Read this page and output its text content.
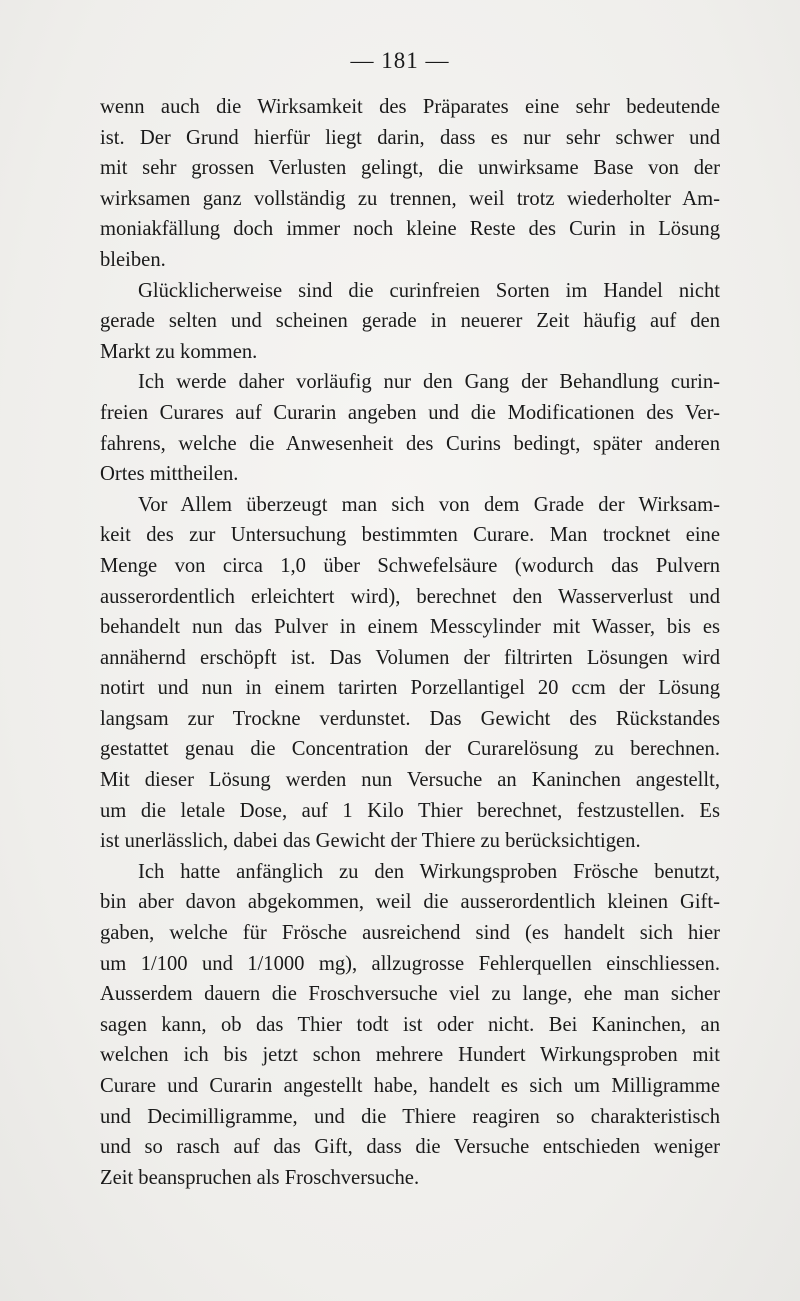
— 181 —
wenn auch die Wirksamkeit des Präparates eine sehr bedeutende
ist. Der Grund hierfür liegt darin, dass es nur sehr schwer und
mit sehr grossen Verlusten gelingt, die unwirksame Base von der
wirksamen ganz vollständig zu trennen, weil trotz wiederholter Am-
moniakfällung doch immer noch kleine Reste des Curin in Lösung
bleiben.
Glücklicherweise sind die curinfreien Sorten im Handel nicht
gerade selten und scheinen gerade in neuerer Zeit häufig auf den
Markt zu kommen.
Ich werde daher vorläufig nur den Gang der Behandlung curin-
freien Curares auf Curarin angeben und die Modificationen des Ver-
fahrens, welche die Anwesenheit des Curins bedingt, später anderen
Ortes mittheilen.
Vor Allem überzeugt man sich von dem Grade der Wirksam-
keit des zur Untersuchung bestimmten Curare. Man trocknet eine
Menge von circa 1,0 über Schwefelsäure (wodurch das Pulvern
ausserordentlich erleichtert wird), berechnet den Wasserverlust und
behandelt nun das Pulver in einem Messcylinder mit Wasser, bis es
annähernd erschöpft ist. Das Volumen der filtrirten Lösungen wird
notirt und nun in einem tarirten Porzellantigel 20 ccm der Lösung
langsam zur Trockne verdunstet. Das Gewicht des Rückstandes
gestattet genau die Concentration der Curarelösung zu berechnen.
Mit dieser Lösung werden nun Versuche an Kaninchen angestellt,
um die letale Dose, auf 1 Kilo Thier berechnet, festzustellen. Es
ist unerlässlich, dabei das Gewicht der Thiere zu berücksichtigen.
Ich hatte anfänglich zu den Wirkungsproben Frösche benutzt,
bin aber davon abgekommen, weil die ausserordentlich kleinen Gift-
gaben, welche für Frösche ausreichend sind (es handelt sich hier
um 1/100 und 1/1000 mg), allzugrosse Fehlerquellen einschliessen.
Ausserdem dauern die Froschversuche viel zu lange, ehe man sicher
sagen kann, ob das Thier todt ist oder nicht. Bei Kaninchen, an
welchen ich bis jetzt schon mehrere Hundert Wirkungsproben mit
Curare und Curarin angestellt habe, handelt es sich um Milligramme
und Decimilligramme, und die Thiere reagiren so charakteristisch
und so rasch auf das Gift, dass die Versuche entschieden weniger
Zeit beanspruchen als Froschversuche.
